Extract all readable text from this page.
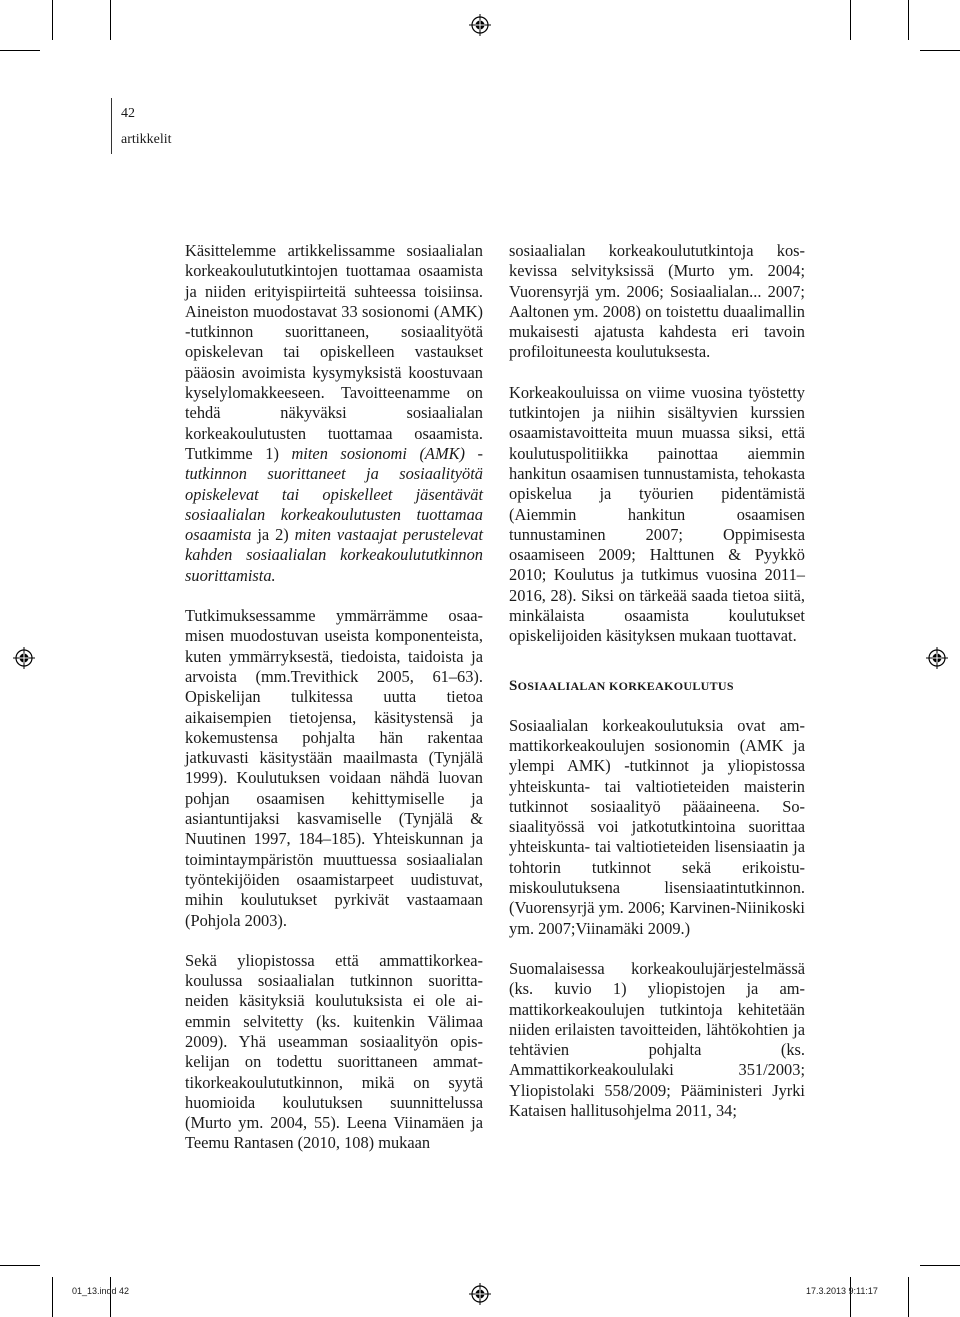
42
artikkelit

Käsittelemme artikkelissamme sosiaalialan korkeakoulututkintojen tuottamaa osaamista ja niiden erityispiirteitä suhteessa toisiinsa. Aineiston muodostavat 33 sosionomi (AMK) -tutkinnon suorittaneen, sosiaalityötä opiskelevan tai opiskelleen vastaukset pääosin avoimista kysymyksistä koostuvaan kyselylomakkeeseen. Tavoitteenamme on tehdä näkyväksi sosiaalialan korkeakoulutusten tuottamaa osaamista. Tutkimme 1) miten sosionomi (AMK) -tutkinnon suorittaneet ja sosiaalityötä opiskelevat tai opiskelleet jäsentävät sosiaalialan korkeakoulutusten tuottamaa osaamista ja 2) miten vastaajat perustelevat kahden sosiaalialan korkeakoulututkinnon suorittamista.

Tutkimuksessamme ymmärrämme osaamisen muodostuvan useista komponenteista, kuten ymmärryksestä, tiedoista, taidoista ja arvoista (mm.Trevithick 2005, 61–63). Opiskelijan tulkitessa uutta tietoa aikaisempien tietojensa, käsitystensä ja kokemustensa pohjalta hän rakentaa jatkuvasti käsitystään maailmasta (Tynjälä 1999). Koulutuksen voidaan nähdä luovan pohjan osaamisen kehittymiselle ja asiantuntijaksi kasvamiselle (Tynjälä & Nuutinen 1997, 184–185). Yhteiskunnan ja toimintaympäristön muuttuessa sosiaalialan työntekijöiden osaamistarpeet uudistuvat, mihin koulutukset pyrkivät vastaamaan (Pohjola 2003).

Sekä yliopistossa että ammattikorkeakoulussa sosiaalialan tutkinnon suorittaneiden käsityksiä koulutuksista ei ole aiemmin selvitetty (ks. kuitenkin Välimaa 2009). Yhä useamman sosiaalityön opiskelijan on todettu suorittaneen ammattikorkeakoulututkinnon, mikä on syytä huomioida koulutuksen suunnittelussa (Murto ym. 2004, 55). Leena Viinamäen ja Teemu Rantasen (2010, 108) mukaan

sosiaalialan korkeakoulututkintoja koskevissa selvityksissä (Murto ym. 2004; Vuorensyrjä ym. 2006; Sosiaalialan... 2007; Aaltonen ym. 2008) on toistettu duaalimallin mukaisesti ajatusta kahdesta eri tavoin profiloituneesta koulutuksesta.

Korkeakouluissa on viime vuosina työstetty tutkintojen ja niihin sisältyvien kurssien osaamistavoitteita muun muassa siksi, että koulutuspolitiikka painottaa aiemmin hankitun osaamisen tunnustamista, tehokasta opiskelua ja työurien pidentämistä (Aiemmin hankitun osaamisen tunnustaminen 2007; Oppimisesta osaamiseen 2009; Halttunen & Pyykkö 2010; Koulutus ja tutkimus vuosina 2011–2016, 28). Siksi on tärkeää saada tietoa siitä, minkälaista osaamista koulutukset opiskelijoiden käsityksen mukaan tuottavat.

SOSIAALIALAN KORKEAKOULUTUS

Sosiaalialan korkeakoulutuksia ovat ammattikorkeakoulujen sosionomin (AMK ja ylempi AMK) -tutkinnot ja yliopistossa yhteiskunta- tai valtiotieteiden maisterin tutkinnot sosiaalityö pääaineena. Sosiaalityössä voi jatkotutkintoina suorittaa yhteiskunta- tai valtiotieteiden lisensiaatin ja tohtorin tutkinnot sekä erikoistumiskoulutuksena lisensiaatintutkinnon. (Vuorensyrjä ym. 2006; Karvinen-Niinikoski ym. 2007;Viinamäki 2009.)

Suomalaisessa korkeakoulujärjestelmässä (ks. kuvio 1) yliopistojen ja ammattikorkeakoulujen tutkintoja kehitetään niiden erilaisten tavoitteiden, lähtökohtien ja tehtävien pohjalta (ks. Ammattikorkeakoululaki 351/2003; Yliopistolaki 558/2009; Pääministeri Jyrki Kataisen hallitusohjelma 2011, 34;

01_13.indd 42	17.3.2013 9:11:17
